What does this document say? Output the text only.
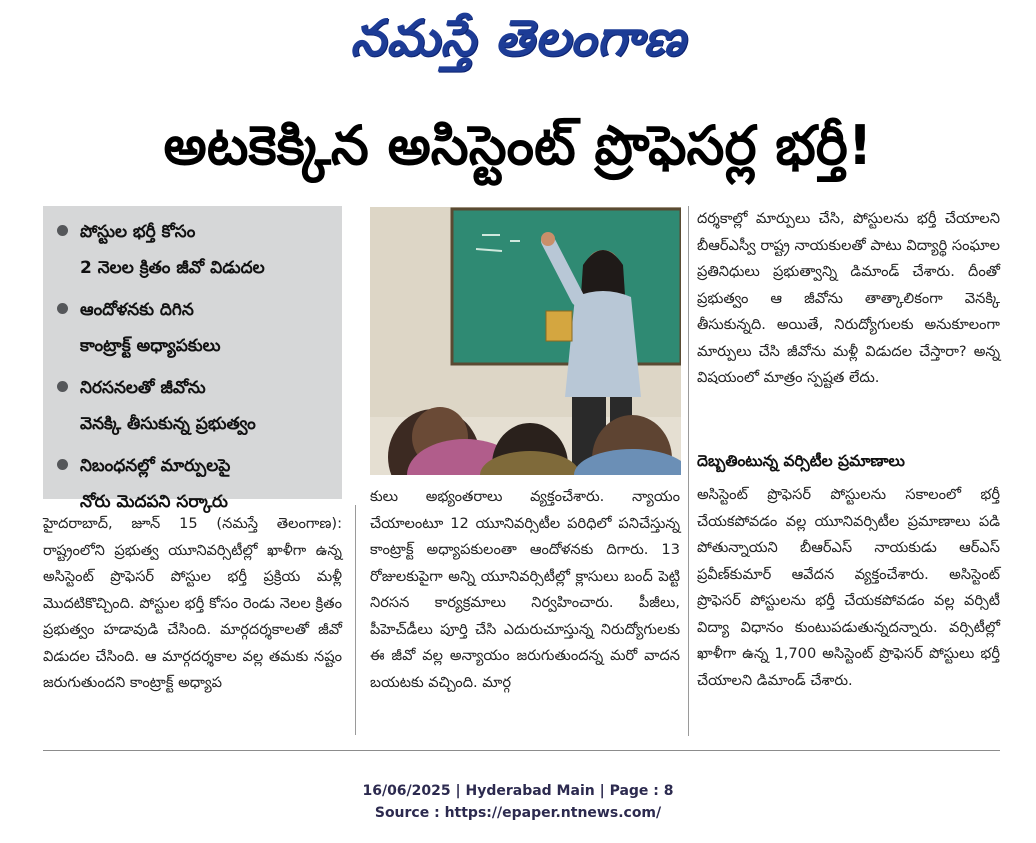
నమస్తే తెలంగాణ
అటకెక్కిన అసిస్టెంట్ ప్రొఫెసర్ల భర్తీ!
పోస్టుల భర్తీ కోసం
2 నెలల క్రితం జీవో విడుదల
ఆందోళనకు దిగిన
కాంట్రాక్ట్ అధ్యాపకులు
నిరసనలతో జీవోను
వెనక్కి తీసుకున్న ప్రభుత్వం
నిబంధనల్లో మార్పులపై
నోరు మెదపని సర్కారు
హైదరాబాద్, జూన్ 15 (నమస్తే తెలంగాణ): రాష్ట్రంలోని ప్రభుత్వ యూనివర్సిటీల్లో ఖాళీగా ఉన్న అసిస్టెంట్ ప్రొఫెసర్ పోస్టుల భర్తీ ప్రక్రియ మళ్లీ మొదటికొచ్చింది. పోస్టుల భర్తీ కోసం రెండు నెలల క్రితం ప్రభుత్వం హడావుడి చేసింది. మార్గదర్శకాలతో జీవో విడుదల చేసింది. ఆ మార్గదర్శకాల వల్ల తమకు నష్టం జరుగుతుందని కాంట్రాక్ట్ అధ్యాప
కులు అభ్యంతరాలు వ్యక్తంచేశారు. న్యాయం చేయాలంటూ 12 యూనివర్సిటీల పరిధిలో పనిచేస్తున్న కాంట్రాక్ట్ అధ్యాపకులంతా ఆందోళనకు దిగారు. 13 రోజులకుపైగా అన్ని యూనివర్సిటీల్లో క్లాసులు బంద్ పెట్టి నిరసన కార్యక్రమాలు నిర్వహించారు. పీజీలు, పీహెచ్‌డీలు పూర్తి చేసి ఎదురుచూస్తున్న నిరుద్యోగులకు ఈ జీవో వల్ల అన్యాయం జరుగుతుందన్న మరో వాదన బయటకు వచ్చింది. మార్గ
దర్శకాల్లో మార్పులు చేసి, పోస్టులను భర్తీ చేయాలని బీఆర్‌ఎస్వీ రాష్ట్ర నాయకులతో పాటు విద్యార్థి సంఘాల ప్రతినిధులు ప్రభుత్వాన్ని డిమాండ్ చేశారు. దీంతో ప్రభుత్వం ఆ జీవోను తాత్కాలికంగా వెనక్కి తీసుకున్నది. అయితే, నిరుద్యోగులకు అనుకూలంగా మార్పులు చేసి జీవోను మళ్లీ విడుదల చేస్తారా? అన్న విషయంలో మాత్రం స్పష్టత లేదు.
దెబ్బతింటున్న వర్సిటీల ప్రమాణాలు
అసిస్టెంట్ ప్రొఫెసర్ పోస్టులను సకాలంలో భర్తీ చేయకపోవడం వల్ల యూనివర్సిటీల ప్రమాణాలు పడి పోతున్నాయని బీఆర్‌ఎస్ నాయకుడు ఆర్‌ఎస్ ప్రవీణ్‌కుమార్ ఆవేదన వ్యక్తంచేశారు. అసిస్టెంట్ ప్రొఫెసర్ పోస్టులను భర్తీ చేయకపోవడం వల్ల వర్సిటీ విద్యా విధానం కుంటుపడుతున్నదన్నారు. వర్సిటీల్లో ఖాళీగా ఉన్న 1,700 అసిస్టెంట్ ప్రొఫెసర్ పోస్టులు భర్తీ చేయాలని డిమాండ్ చేశారు.
16/06/2025 | Hyderabad Main | Page : 8
Source : https://epaper.ntnews.com/
